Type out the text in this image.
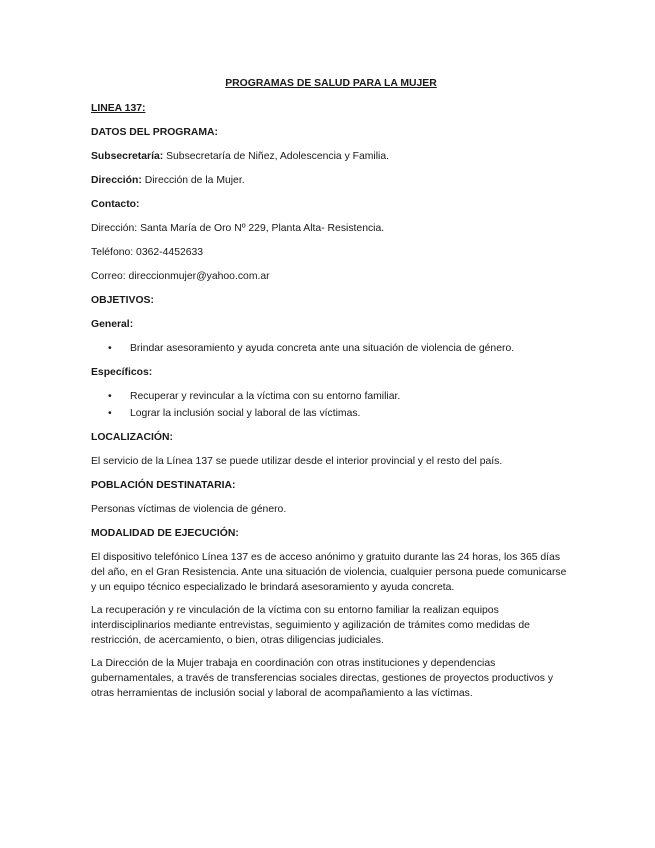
PROGRAMAS DE SALUD PARA LA MUJER
LINEA 137:
DATOS DEL PROGRAMA:

Subsecretaría: Subsecretaría de Niñez, Adolescencia y Familia.

Dirección: Dirección de la Mujer.

Contacto:

Dirección: Santa María de Oro Nº 229, Planta Alta- Resistencia.

Teléfono: 0362-4452633

Correo: direccionmujer@yahoo.com.ar

OBJETIVOS:
General:
• Brindar asesoramiento y ayuda concreta ante una situación de violencia de género.
Específicos:
• Recuperar y revincular a la víctima con su entorno familiar.
• Lograr la inclusión social y laboral de las víctimas.
LOCALIZACIÓN:

El servicio de la Línea 137 se puede utilizar desde el interior provincial y el resto del país.

POBLACIÓN DESTINATARIA:

Personas víctimas de violencia de género.

MODALIDAD DE EJECUCIÓN:

El dispositivo telefónico Línea 137 es de acceso anónimo y gratuito durante las 24 horas, los 365 días del año, en el Gran Resistencia. Ante una situación de violencia, cualquier persona puede comunicarse y un equipo técnico especializado le brindará asesoramiento y ayuda concreta.

La recuperación y re vinculación de la víctima con su entorno familiar la realizan equipos interdisciplinarios mediante entrevistas, seguimiento y agilización de trámites como medidas de restricción, de acercamiento, o bien, otras diligencias judiciales.

La Dirección de la Mujer trabaja en coordinación con otras instituciones y dependencias gubernamentales, a través de transferencias sociales directas, gestiones de proyectos productivos y otras herramientas de inclusión social y laboral de acompañamiento a las víctimas.
